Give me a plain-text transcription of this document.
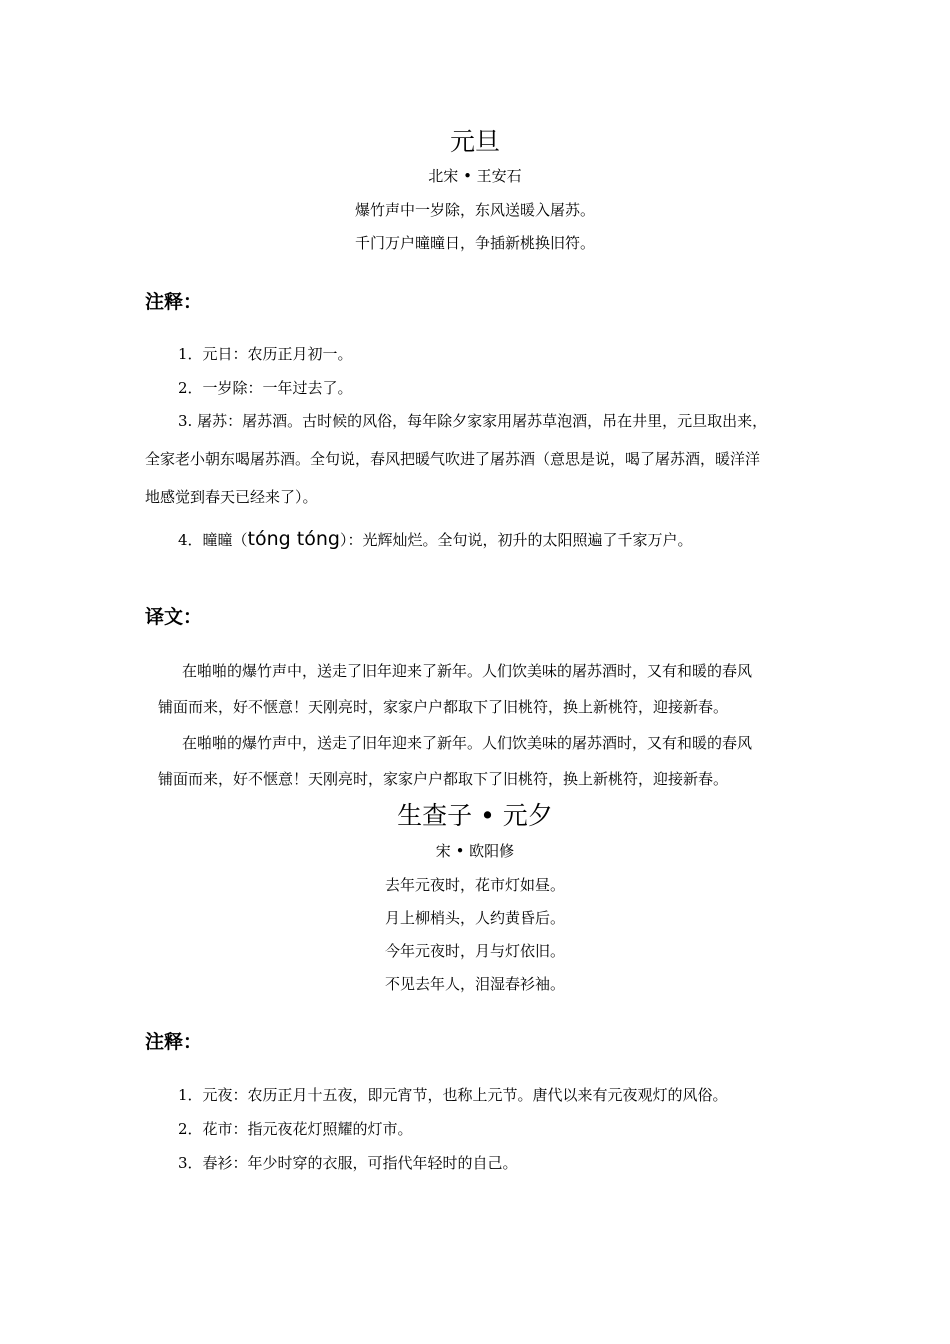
元旦
北宋 • 王安石
爆竹声中一岁除，东风送暖入屠苏。
千门万户曈曈日，争插新桃换旧符。
注释：
1．元日：农历正月初一。
2．一岁除：一年过去了。
3. 屠苏：屠苏酒。古时候的风俗，每年除夕家家用屠苏草泡酒，吊在井里，元旦取出来，
全家老小朝东喝屠苏酒。全句说，春风把暖气吹进了屠苏酒（意思是说，喝了屠苏酒，暖洋洋
地感觉到春天已经来了）。
4．曈曈（tóng tóng）：光辉灿烂。全句说，初升的太阳照遍了千家万户。
译文：
在啪啪的爆竹声中，送走了旧年迎来了新年。人们饮美味的屠苏酒时，又有和暖的春风
铺面而来，好不惬意！天刚亮时，家家户户都取下了旧桃符，换上新桃符，迎接新春。
在啪啪的爆竹声中，送走了旧年迎来了新年。人们饮美味的屠苏酒时，又有和暖的春风
铺面而来，好不惬意！天刚亮时，家家户户都取下了旧桃符，换上新桃符，迎接新春。
生查子 • 元夕
宋 • 欧阳修
去年元夜时，花市灯如昼。
月上柳梢头，人约黄昏后。
今年元夜时，月与灯依旧。
不见去年人，泪湿春衫袖。
注释：
1．元夜：农历正月十五夜，即元宵节，也称上元节。唐代以来有元夜观灯的风俗。
2．花市：指元夜花灯照耀的灯市。
3．春衫：年少时穿的衣服，可指代年轻时的自己。
